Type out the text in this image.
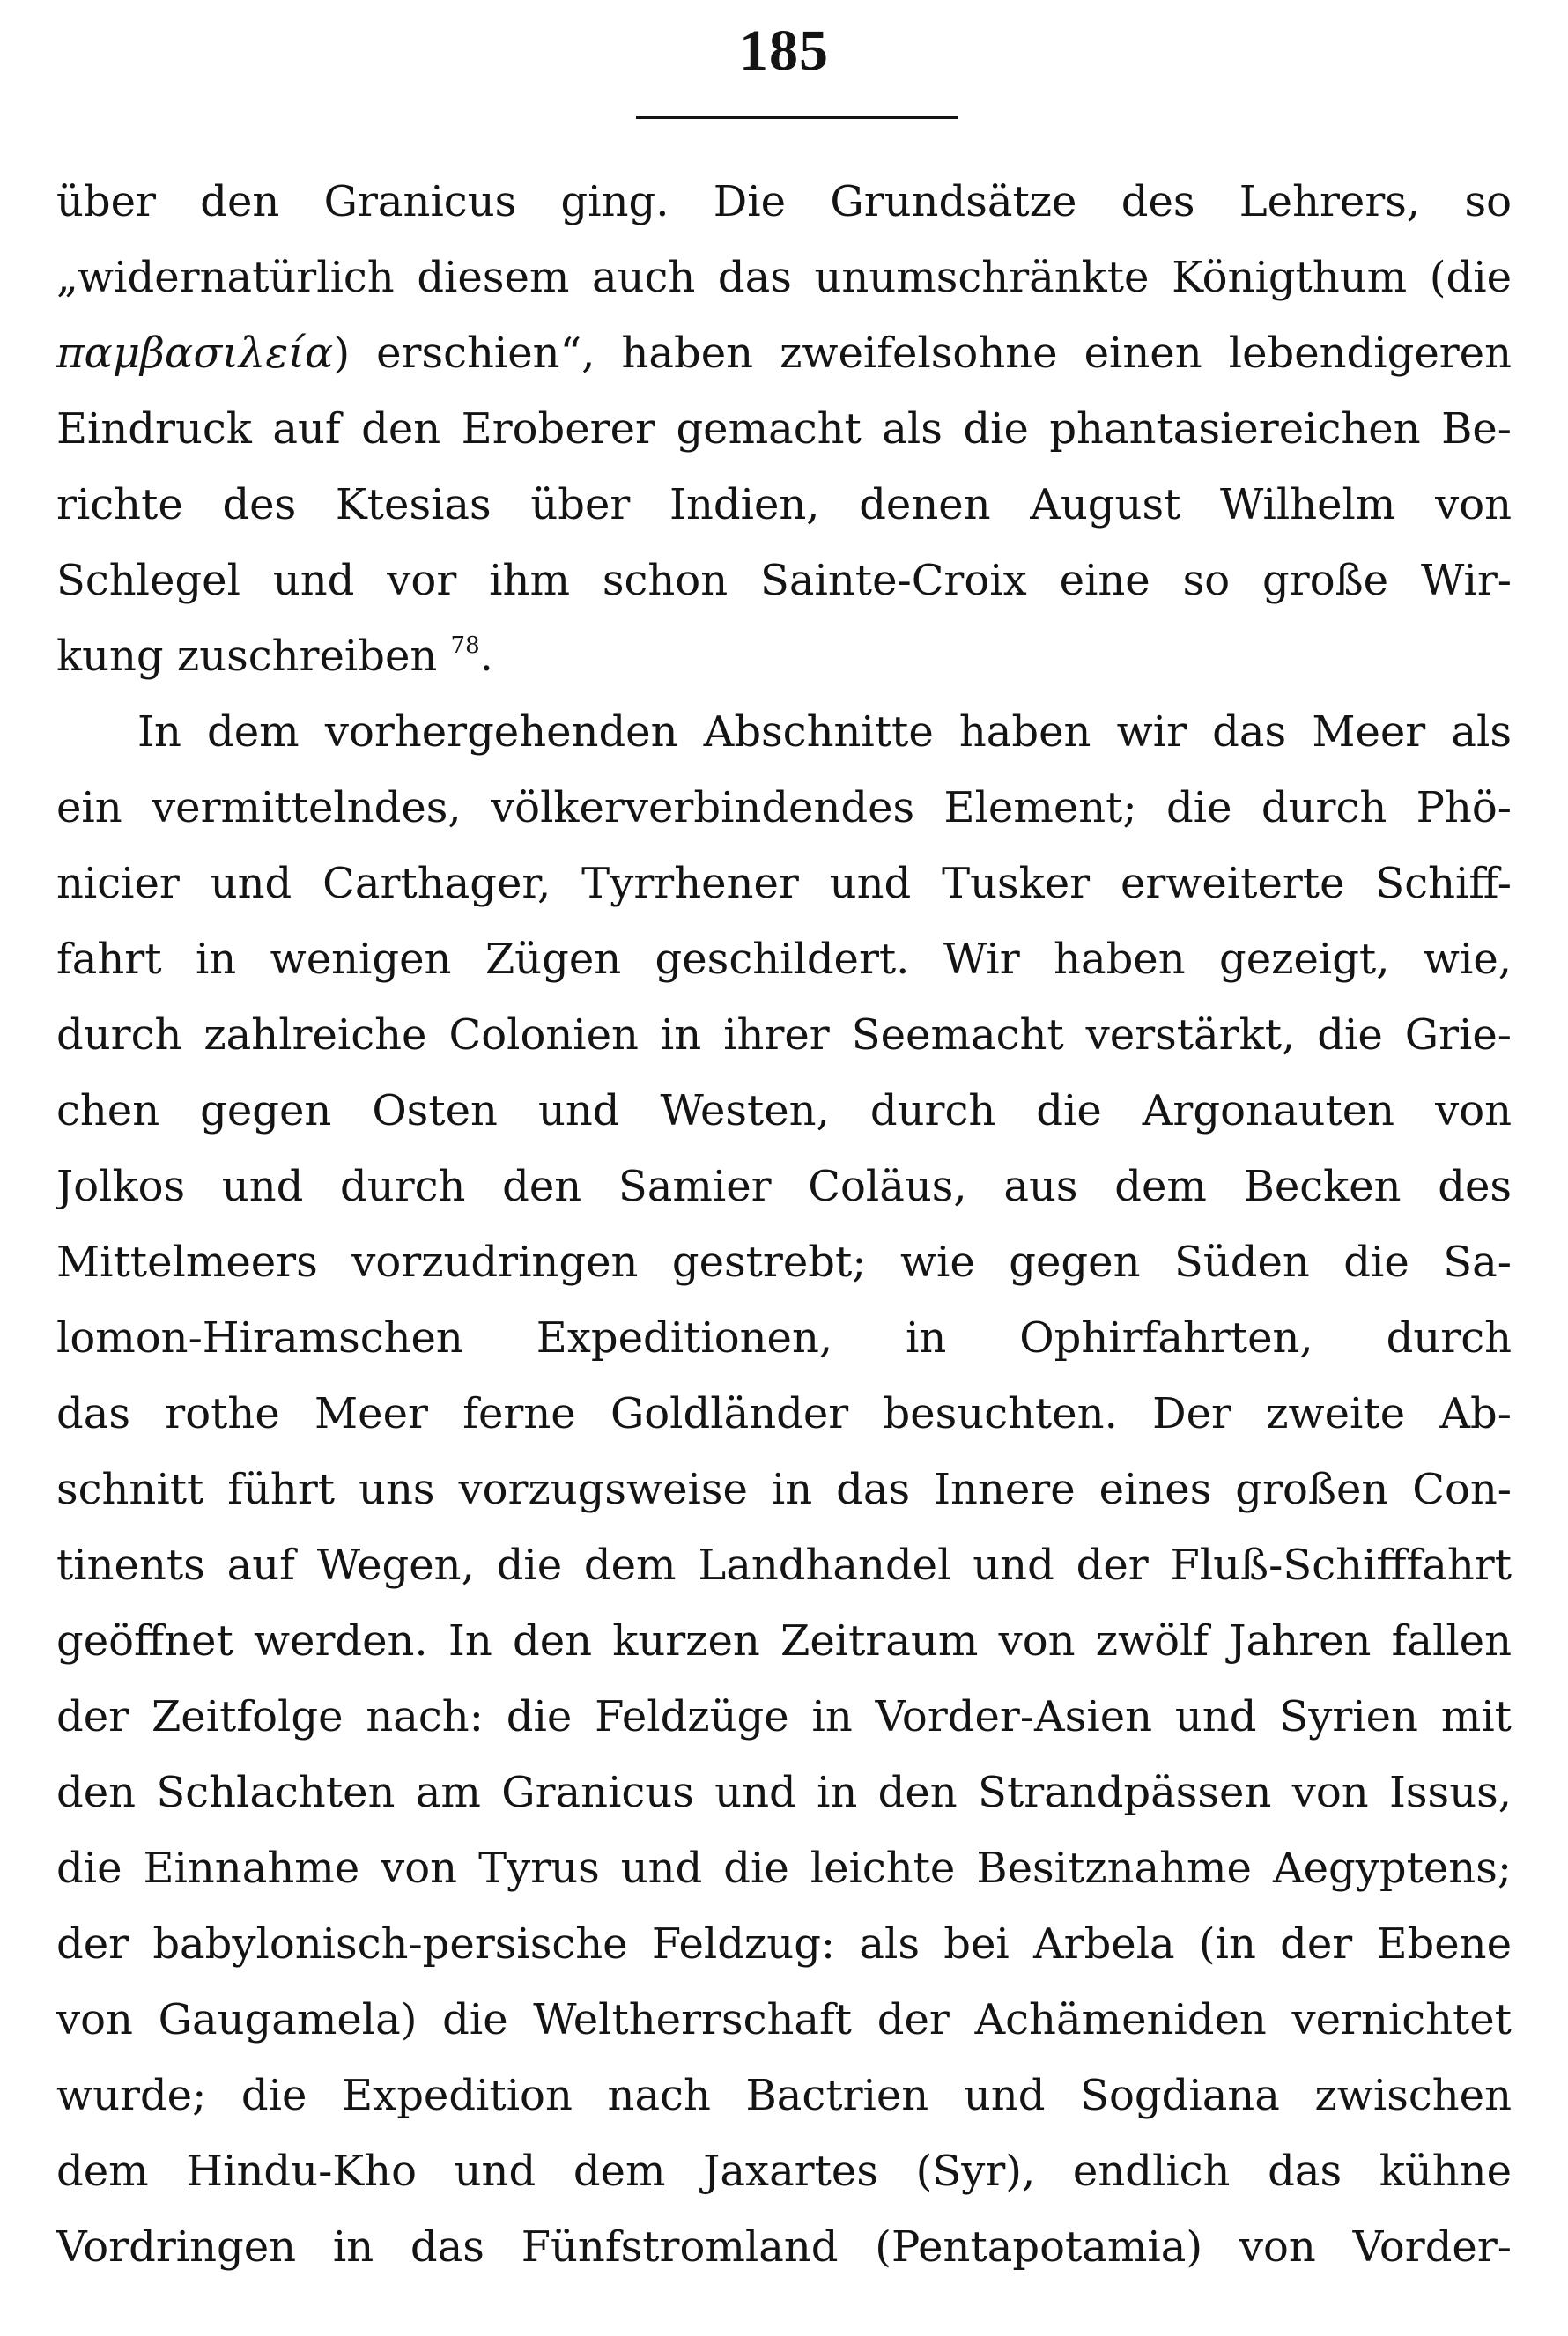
185
über den Granicus ging. Die Grundsätze des Lehrers, so
„widernatürlich diesem auch das unumschränkte Königthum (die
παμβασιλεία) erschien“, haben zweifelsohne einen lebendigeren
Eindruck auf den Eroberer gemacht als die phantasiereichen Be-
richte des Ktesias über Indien, denen August Wilhelm von
Schlegel und vor ihm schon Sainte-Croix eine so große Wir-
kung zuschreiben $^{78}$.
In dem vorhergehenden Abschnitte haben wir das Meer als
ein vermittelndes, völkerverbindendes Element; die durch Phö-
nicier und Carthager, Tyrrhener und Tusker erweiterte Schiff-
fahrt in wenigen Zügen geschildert. Wir haben gezeigt, wie,
durch zahlreiche Colonien in ihrer Seemacht verstärkt, die Grie-
chen gegen Osten und Westen, durch die Argonauten von
Jolkos und durch den Samier Coläus, aus dem Becken des
Mittelmeers vorzudringen gestrebt; wie gegen Süden die Sa-
lomon-Hiramschen Expeditionen, in Ophirfahrten, durch
das rothe Meer ferne Goldländer besuchten. Der zweite Ab-
schnitt führt uns vorzugsweise in das Innere eines großen Con-
tinents auf Wegen, die dem Landhandel und der Fluß-Schifffahrt
geöffnet werden. In den kurzen Zeitraum von zwölf Jahren fallen
der Zeitfolge nach: die Feldzüge in Vorder-Asien und Syrien mit
den Schlachten am Granicus und in den Strandpässen von Issus,
die Einnahme von Tyrus und die leichte Besitznahme Aegyptens;
der babylonisch-persische Feldzug: als bei Arbela (in der Ebene
von Gaugamela) die Weltherrschaft der Achämeniden vernichtet
wurde; die Expedition nach Bactrien und Sogdiana zwischen
dem Hindu-Kho und dem Jaxartes (Syr), endlich das kühne
Vordringen in das Fünfstromland (Pentapotamia) von Vorder-
